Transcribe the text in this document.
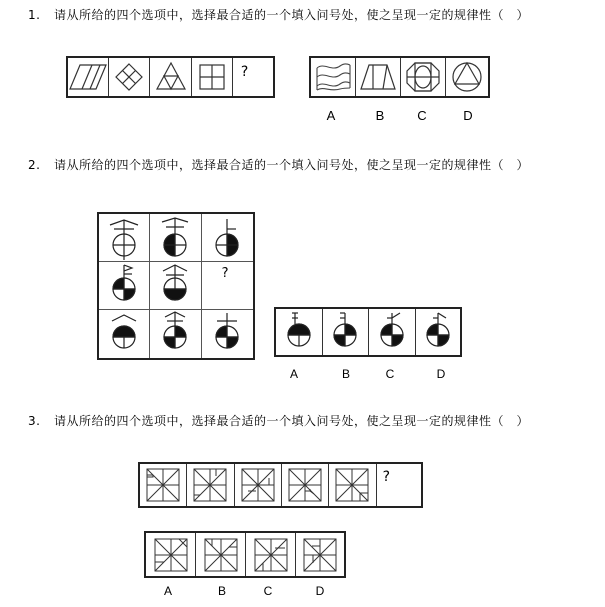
1. 请从所给的四个选项中，选择最合适的一个填入问号处，使之呈现一定的规律性（　）
?
A	B	C	D
2. 请从所给的四个选项中，选择最合适的一个填入问号处，使之呈现一定的规律性（　）
?
A	B	C	D
3. 请从所给的四个选项中，选择最合适的一个填入问号处，使之呈现一定的规律性（　）
?
A	B	C	D
